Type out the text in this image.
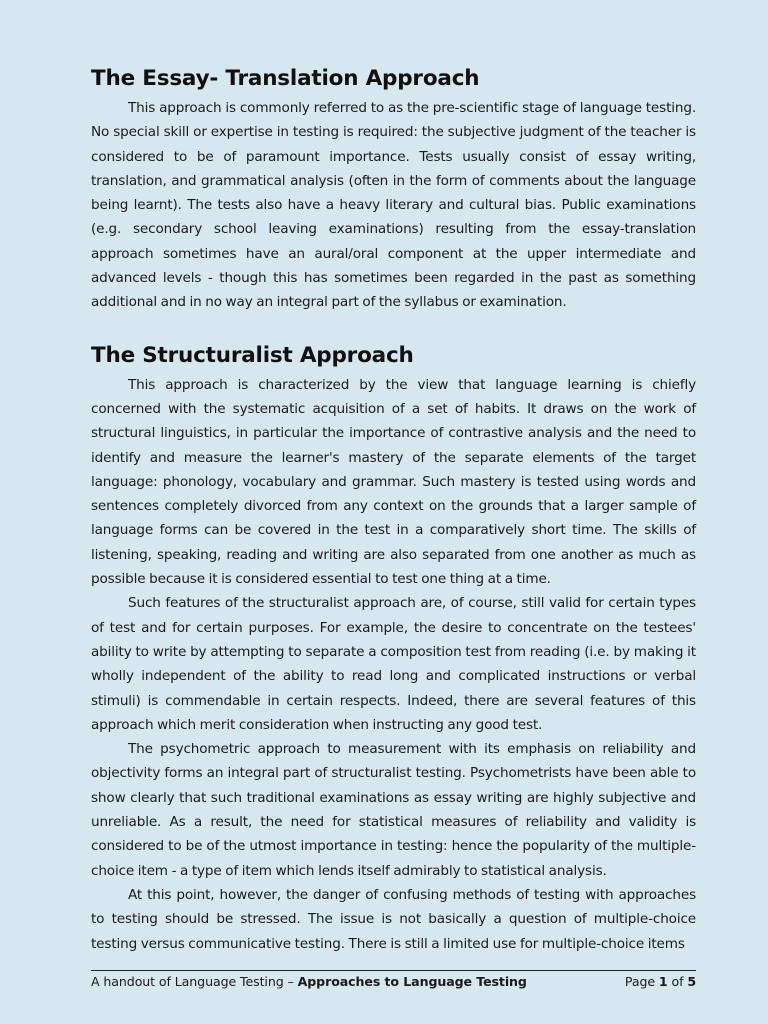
The Essay- Translation Approach

This approach is commonly referred to as the pre-scientific stage of language testing. No special skill or expertise in testing is required: the subjective judgment of the teacher is considered to be of paramount importance. Tests usually consist of essay writing, translation, and grammatical analysis (often in the form of comments about the language being learnt). The tests also have a heavy literary and cultural bias. Public examinations (e.g. secondary school leaving examinations) resulting from the essay-translation approach sometimes have an aural/oral component at the upper intermediate and advanced levels - though this has sometimes been regarded in the past as something additional and in no way an integral part of the syllabus or examination.

The Structuralist Approach

This approach is characterized by the view that language learning is chiefly concerned with the systematic acquisition of a set of habits. It draws on the work of structural linguistics, in particular the importance of contrastive analysis and the need to identify and measure the learner's mastery of the separate elements of the target language: phonology, vocabulary and grammar. Such mastery is tested using words and sentences completely divorced from any context on the grounds that a larger sample of language forms can be covered in the test in a comparatively short time. The skills of listening, speaking, reading and writing are also separated from one another as much as possible because it is considered essential to test one thing at a time.

Such features of the structuralist approach are, of course, still valid for certain types of test and for certain purposes. For example, the desire to concentrate on the testees' ability to write by attempting to separate a composition test from reading (i.e. by making it wholly independent of the ability to read long and complicated instructions or verbal stimuli) is commendable in certain respects. Indeed, there are several features of this approach which merit consideration when instructing any good test.

The psychometric approach to measurement with its emphasis on reliability and objectivity forms an integral part of structuralist testing. Psychometrists have been able to show clearly that such traditional examinations as essay writing are highly subjective and unreliable. As a result, the need for statistical measures of reliability and validity is considered to be of the utmost importance in testing: hence the popularity of the multiple-choice item - a type of item which lends itself admirably to statistical analysis.

At this point, however, the danger of confusing methods of testing with approaches to testing should be stressed. The issue is not basically a question of multiple-choice testing versus communicative testing. There is still a limited use for multiple-choice items

A handout of Language Testing – Approaches to Language Testing	Page 1 of 5
